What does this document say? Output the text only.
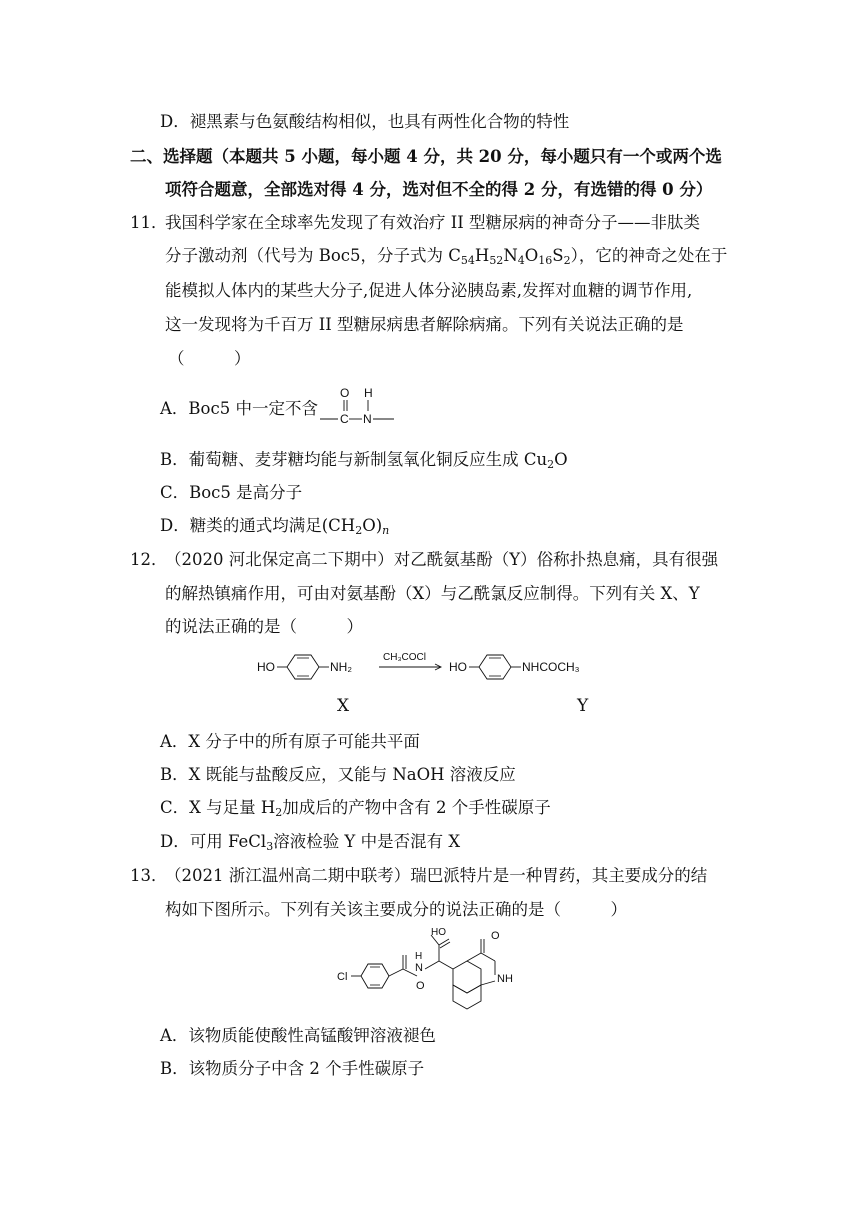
D．褪黑素与色氨酸结构相似，也具有两性化合物的特性
二、选择题（本题共 5 小题，每小题 4 分，共 20 分，每小题只有一个或两个选
项符合题意，全部选对得 4 分，选对但不全的得 2 分，有选错的得 0 分）
11．
我国科学家在全球率先发现了有效治疗 II 型糖尿病的神奇分子——非肽类
分子激动剂（代号为 Boc5，分子式为 $C_{54}H_{52}N_4O_{16}S_2$），它的神奇之处在于
能模拟人体内的某些大分子,促进人体分泌胰岛素,发挥对血糖的调节作用,
这一发现将为千百万 II 型糖尿病患者解除病痛。下列有关说法正确的是
（　　　）
A．Boc5 中一定不含
O H
C N
B．葡萄糖、麦芽糖均能与新制氢氧化铜反应生成 $Cu_2O$
C．Boc5 是高分子
D．糖类的通式均满足$(CH_2O)_n$
12．
（2020 河北保定高二下期中）对乙酰氨基酚（Y）俗称扑热息痛，具有很强
的解热镇痛作用，可由对氨基酚（X）与乙酰氯反应制得。下列有关 X、Y
的说法正确的是（　　　）
HO	NH₂
CH₃COCl
HO	NHCOCH₃
X	Y
A．X 分子中的所有原子可能共平面
B．X 既能与盐酸反应，又能与 NaOH 溶液反应
C．X 与足量 $H_2$加成后的产物中含有 2 个手性碳原子
D．可用 FeCl$_3$溶液检验 Y 中是否混有 X
13．
（2021 浙江温州高二期中联考）瑞巴派特片是一种胃药，其主要成分的结
构如下图所示。下列有关该主要成分的说法正确的是（　　　）
Cl
O
H
N
HO	O
NH
A．该物质能使酸性高锰酸钾溶液褪色
B．该物质分子中含 2 个手性碳原子
